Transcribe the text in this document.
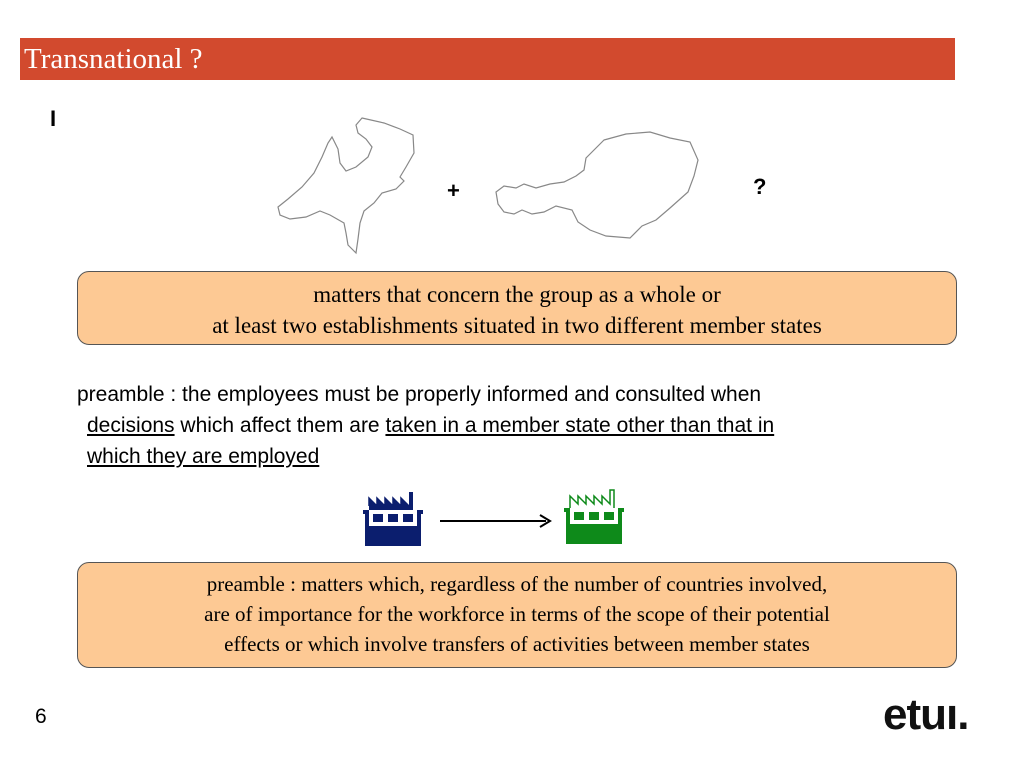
Transnational ?
I
+	?
matters that concern the group as a whole or
at least two establishments situated in two different member states
preamble : the employees must be properly informed and consulted when
decisions which affect them are taken in a member state other than that in
which they are employed
preamble : matters which, regardless of the number of countries involved,
are of importance for the workforce in terms of the scope of their potential
effects or which involve transfers of activities between member states
6	etuı.
